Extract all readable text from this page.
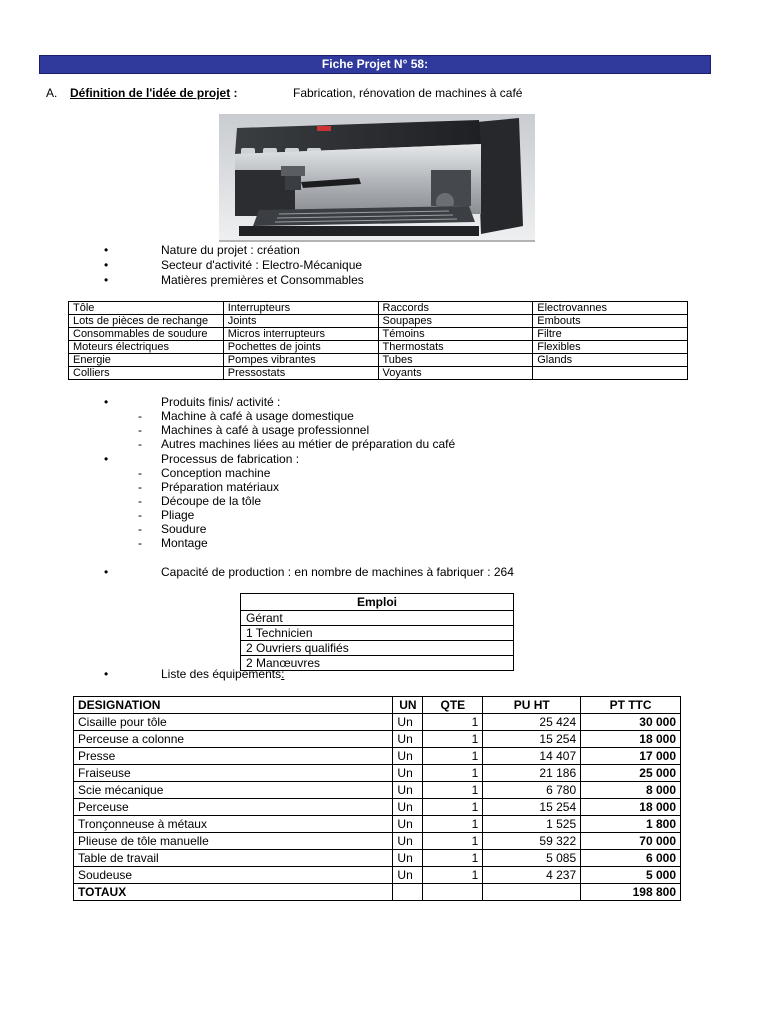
Fiche Projet N° 58:
A. Définition de l'idée de projet :	Fabrication, rénovation de machines à café
•	Nature du projet : création
•	Secteur d'activité : Electro-Mécanique
•	Matières premières et Consommables
Tôle	Interrupteurs	Raccords	Electrovannes
Lots de pièces de rechange	Joints	Soupapes	Embouts
Consommables de soudure	Micros interrupteurs	Témoins	Filtre
Moteurs électriques	Pochettes de joints	Thermostats	Flexibles
Energie	Pompes vibrantes	Tubes	Glands
Colliers	Pressostats	Voyants	
•	Produits finis/ activité :
- Machine à café à usage domestique
- Machines à café à usage professionnel
- Autres machines liées au métier de préparation du café
•	Processus de fabrication :
- Conception machine
- Préparation matériaux
- Découpe de la tôle
- Pliage
- Soudure
- Montage
•	Capacité de production : en nombre de machines à fabriquer : 264
Emploi
Gérant
1 Technicien
2 Ouvriers qualifiés
2 Manœuvres
•	Liste des équipements:
DESIGNATION	UN	QTE	PU HT	PT TTC
Cisaille pour tôle	Un	1	25 424	30 000
Perceuse a colonne	Un	1	15 254	18 000
Presse	Un	1	14 407	17 000
Fraiseuse	Un	1	21 186	25 000
Scie mécanique	Un	1	6 780	8 000
Perceuse	Un	1	15 254	18 000
Tronçonneuse à métaux	Un	1	1 525	1 800
Plieuse de tôle manuelle	Un	1	59 322	70 000
Table de travail	Un	1	5 085	6 000
Soudeuse	Un	1	4 237	5 000
TOTAUX				198 800
